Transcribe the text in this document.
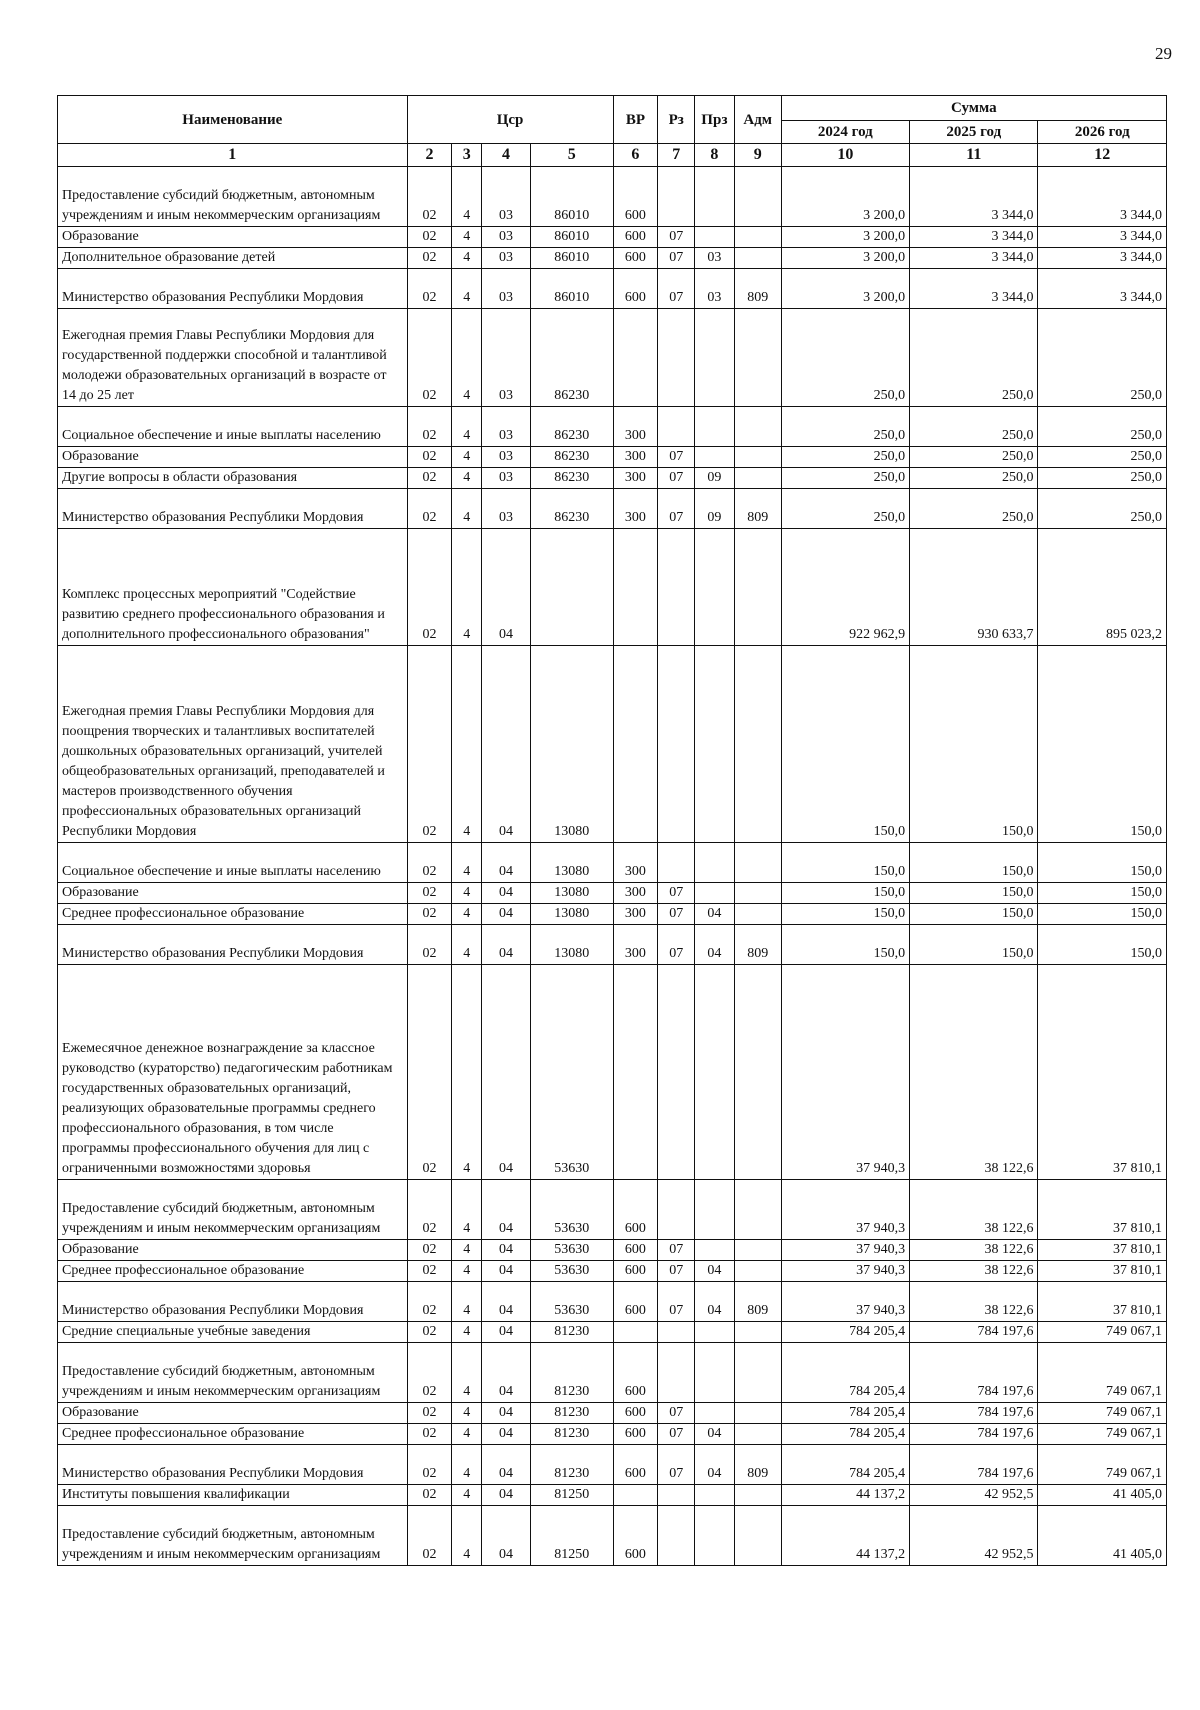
29
Наименование	Цср				ВР	Рз	Прз	Адм	Сумма		
									2024 год	2025 год	2026 год
1	2	3	4	5	6	7	8	9	10	11	12
Предоставление субсидий бюджетным, автономным учреждениям и иным некоммерческим организациям	02	4	03	86010	600				3 200,0	3 344,0	3 344,0
Образование	02	4	03	86010	600	07			3 200,0	3 344,0	3 344,0
Дополнительное образование детей	02	4	03	86010	600	07	03		3 200,0	3 344,0	3 344,0
Министерство образования Республики Мордовия	02	4	03	86010	600	07	03	809	3 200,0	3 344,0	3 344,0
Ежегодная премия Главы Республики Мордовия для государственной поддержки способной и талантливой молодежи образовательных организаций в возрасте от 14 до 25 лет	02	4	03	86230					250,0	250,0	250,0
Социальное обеспечение и иные выплаты населению	02	4	03	86230	300				250,0	250,0	250,0
Образование	02	4	03	86230	300	07			250,0	250,0	250,0
Другие вопросы в области образования	02	4	03	86230	300	07	09		250,0	250,0	250,0
Министерство образования Республики Мордовия	02	4	03	86230	300	07	09	809	250,0	250,0	250,0
Комплекс процессных мероприятий "Содействие развитию среднего профессионального образования и дополнительного профессионального образования"	02	4	04						922 962,9	930 633,7	895 023,2
Ежегодная премия Главы Республики Мордовия для поощрения творческих и талантливых воспитателей дошкольных образовательных организаций, учителей общеобразовательных организаций, преподавателей и мастеров производственного обучения профессиональных образовательных организаций Республики Мордовия	02	4	04	13080					150,0	150,0	150,0
Социальное обеспечение и иные выплаты населению	02	4	04	13080	300				150,0	150,0	150,0
Образование	02	4	04	13080	300	07			150,0	150,0	150,0
Среднее профессиональное образование	02	4	04	13080	300	07	04		150,0	150,0	150,0
Министерство образования Республики Мордовия	02	4	04	13080	300	07	04	809	150,0	150,0	150,0
Ежемесячное денежное вознаграждение за классное руководство (кураторство) педагогическим работникам государственных образовательных организаций, реализующих образовательные программы среднего профессионального образования, в том числе программы профессионального обучения для лиц с ограниченными возможностями здоровья	02	4	04	53630					37 940,3	38 122,6	37 810,1
Предоставление субсидий бюджетным, автономным учреждениям и иным некоммерческим организациям	02	4	04	53630	600				37 940,3	38 122,6	37 810,1
Образование	02	4	04	53630	600	07			37 940,3	38 122,6	37 810,1
Среднее профессиональное образование	02	4	04	53630	600	07	04		37 940,3	38 122,6	37 810,1
Министерство образования Республики Мордовия	02	4	04	53630	600	07	04	809	37 940,3	38 122,6	37 810,1
Средние специальные учебные заведения	02	4	04	81230					784 205,4	784 197,6	749 067,1
Предоставление субсидий бюджетным, автономным учреждениям и иным некоммерческим организациям	02	4	04	81230	600				784 205,4	784 197,6	749 067,1
Образование	02	4	04	81230	600	07			784 205,4	784 197,6	749 067,1
Среднее профессиональное образование	02	4	04	81230	600	07	04		784 205,4	784 197,6	749 067,1
Министерство образования Республики Мордовия	02	4	04	81230	600	07	04	809	784 205,4	784 197,6	749 067,1
Институты повышения квалификации	02	4	04	81250					44 137,2	42 952,5	41 405,0
Предоставление субсидий бюджетным, автономным учреждениям и иным некоммерческим организациям	02	4	04	81250	600				44 137,2	42 952,5	41 405,0
